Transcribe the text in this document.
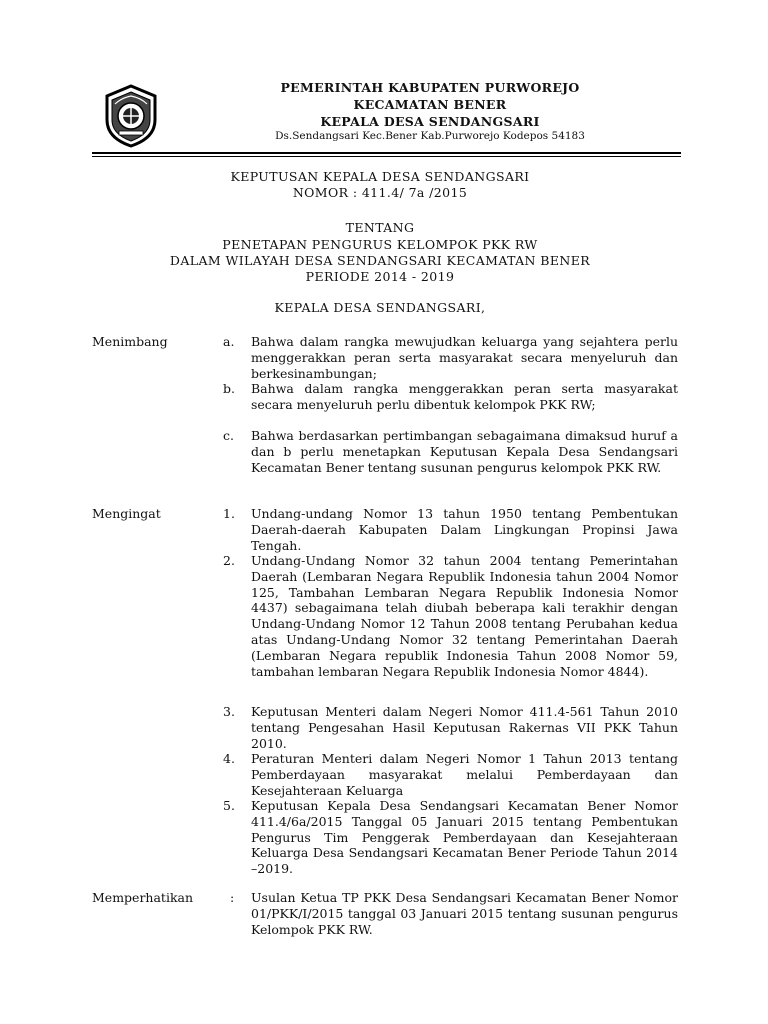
PEMERINTAH KABUPATEN PURWOREJO
KECAMATAN BENER
KEPALA DESA SENDANGSARI
Ds.Sendangsari Kec.Bener Kab.Purworejo Kodepos 54183
KEPUTUSAN KEPALA DESA SENDANGSARI
NOMOR : 411.4/ 7a /2015
TENTANG
PENETAPAN PENGURUS KELOMPOK PKK RW
DALAM WILAYAH DESA SENDANGSARI KECAMATAN BENER
PERIODE 2014 - 2019
KEPALA DESA SENDANGSARI,
Menimbang	a. Bahwa dalam rangka mewujudkan keluarga yang sejahtera perlu menggerakkan peran serta masyarakat secara menyeluruh dan berkesinambungan;
b. Bahwa dalam rangka menggerakkan peran serta masyarakat secara menyeluruh perlu dibentuk kelompok PKK RW;
c. Bahwa berdasarkan pertimbangan sebagaimana dimaksud huruf a dan b perlu menetapkan Keputusan Kepala Desa Sendangsari Kecamatan Bener tentang susunan pengurus kelompok PKK RW.
Mengingat	1. Undang-undang Nomor 13 tahun 1950 tentang Pembentukan Daerah-daerah Kabupaten Dalam Lingkungan Propinsi Jawa Tengah.
2. Undang-Undang Nomor 32 tahun 2004 tentang Pemerintahan Daerah (Lembaran Negara Republik Indonesia tahun 2004 Nomor 125, Tambahan Lembaran Negara Republik Indonesia Nomor 4437) sebagaimana telah diubah beberapa kali terakhir dengan Undang-Undang Nomor 12 Tahun 2008 tentang Perubahan kedua atas Undang-Undang Nomor 32 tentang Pemerintahan Daerah (Lembaran Negara republik Indonesia Tahun 2008 Nomor 59, tambahan lembaran Negara Republik Indonesia Nomor 4844).
3. Keputusan Menteri dalam Negeri Nomor 411.4-561 Tahun 2010 tentang Pengesahan Hasil Keputusan Rakernas VII PKK Tahun 2010.
4. Peraturan Menteri dalam Negeri Nomor 1 Tahun 2013 tentang Pemberdayaan masyarakat melalui Pemberdayaan dan Kesejahteraan Keluarga
5. Keputusan Kepala Desa Sendangsari Kecamatan Bener Nomor 411.4/6a/2015 Tanggal 05 Januari 2015 tentang Pembentukan Pengurus Tim Penggerak Pemberdayaan dan Kesejahteraan Keluarga Desa Sendangsari Kecamatan Bener Periode Tahun 2014 –2019.
Memperhatikan	: Usulan Ketua TP PKK Desa Sendangsari Kecamatan Bener Nomor 01/PKK/I/2015 tanggal 03 Januari 2015 tentang susunan pengurus Kelompok PKK RW.
